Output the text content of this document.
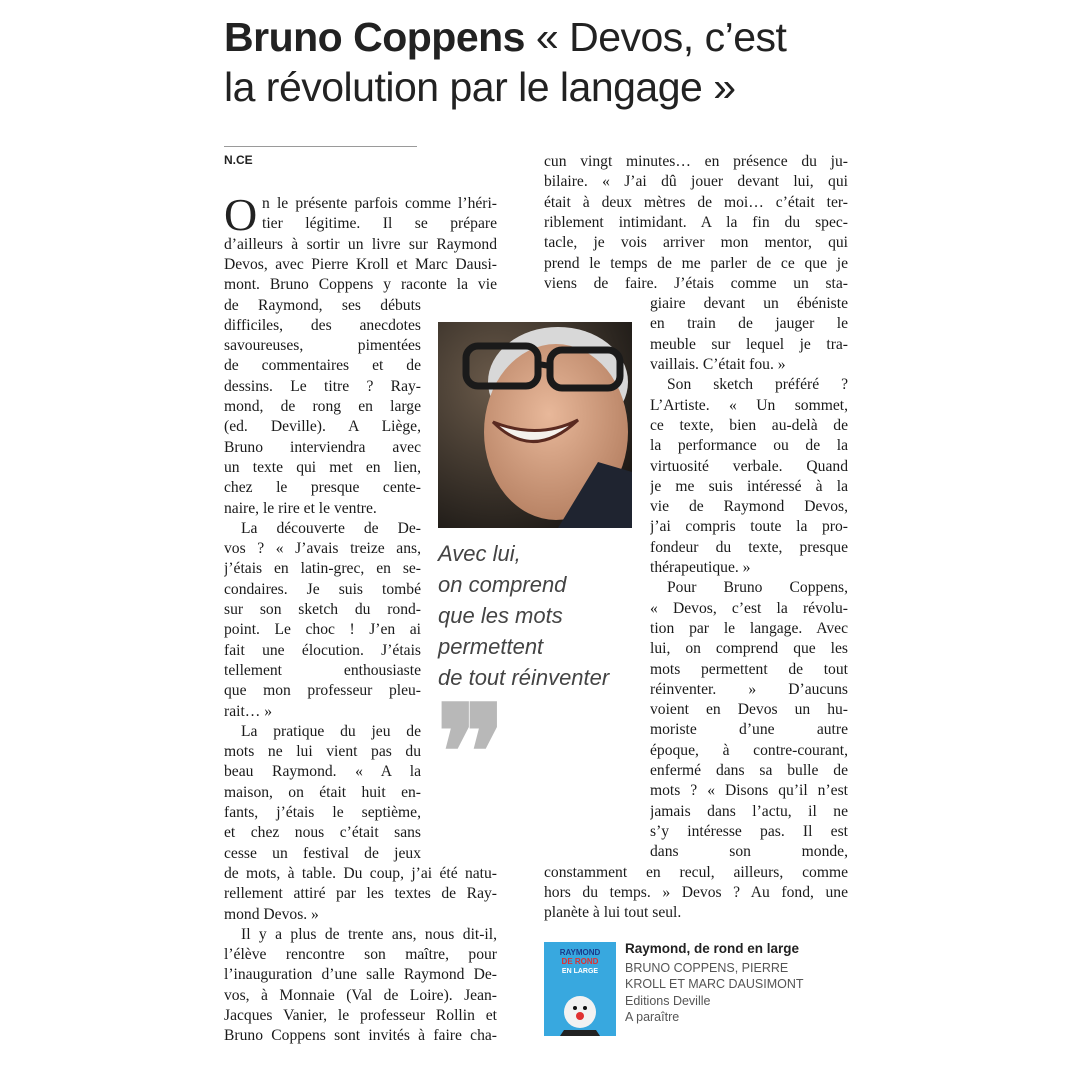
Bruno Coppens « Devos, c’est
la révolution par le langage »
N.CE
O n le présente parfois comme l’héri-
tier légitime. Il se prépare
d’ailleurs à sortir un livre sur Raymond
Devos, avec Pierre Kroll et Marc Dausi-
mont. Bruno Coppens y raconte la vie
de Raymond, ses débuts
difficiles, des anecdotes
savoureuses, pimentées
de commentaires et de
dessins. Le titre ? Ray-
mond, de rong en large
(ed. Deville). A Liège,
Bruno interviendra avec
un texte qui met en lien,
chez le presque cente-
naire, le rire et le ventre.
La découverte de De-
vos ? « J’avais treize ans,
j’étais en latin-grec, en se-
condaires. Je suis tombé
sur son sketch du rond-
point. Le choc ! J’en ai
fait une élocution. J’étais
tellement enthousiaste
que mon professeur pleu-
rait… »
La pratique du jeu de
mots ne lui vient pas du
beau Raymond. « A la
maison, on était huit en-
fants, j’étais le septième,
et chez nous c’était sans
cesse un festival de jeux
de mots, à table. Du coup, j’ai été natu-
rellement attiré par les textes de Ray-
mond Devos. »
Il y a plus de trente ans, nous dit-il,
l’élève rencontre son maître, pour
l’inauguration d’une salle Raymond De-
vos, à Monnaie (Val de Loire). Jean-
Jacques Vanier, le professeur Rollin et
Bruno Coppens sont invités à faire cha-
cun vingt minutes… en présence du ju-
bilaire. « J’ai dû jouer devant lui, qui
était à deux mètres de moi… c’était ter-
riblement intimidant. A la fin du spec-
tacle, je vois arriver mon mentor, qui
prend le temps de me parler de ce que je
viens de faire. J’étais comme un sta-
giaire devant un ébéniste
en train de jauger le
meuble sur lequel je tra-
vaillais. C’était fou. »
Son sketch préféré ?
L’Artiste. « Un sommet,
ce texte, bien au-delà de
la performance ou de la
virtuosité verbale. Quand
je me suis intéressé à la
vie de Raymond Devos,
j’ai compris toute la pro-
fondeur du texte, presque
thérapeutique. »
Pour Bruno Coppens,
« Devos, c’est la révolu-
tion par le langage. Avec
lui, on comprend que les
mots permettent de tout
réinventer. » D’aucuns
voient en Devos un hu-
moriste d’une autre
époque, à contre-courant,
enfermé dans sa bulle de
mots ? « Disons qu’il n’est
jamais dans l’actu, il ne
s’y intéresse pas. Il est
dans son monde,
constamment en recul, ailleurs, comme
hors du temps. » Devos ? Au fond, une
planète à lui tout seul.
Avec lui,
on comprend
que les mots
permettent
de tout réinventer
❞
RAYMOND
DE ROND
EN LARGE
Raymond, de rond en large
BRUNO COPPENS, PIERRE
KROLL ET MARC DAUSIMONT
Editions Deville
A paraître
